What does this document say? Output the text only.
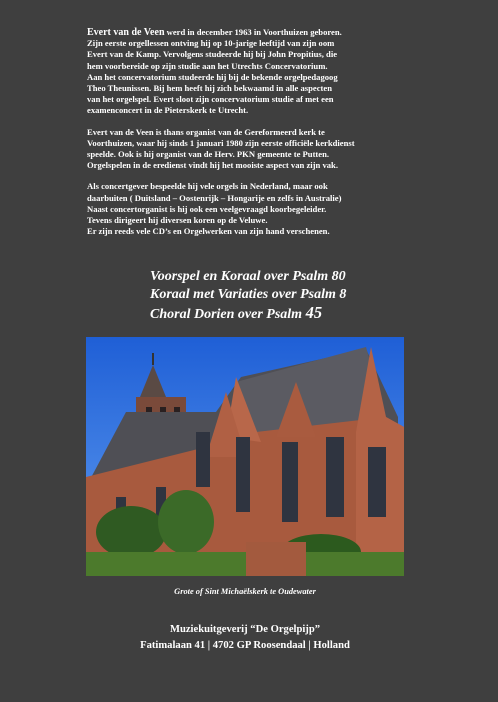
Evert van de Veen werd in december 1963 in Voorthuizen geboren.
Zijn eerste orgellessen ontving hij op 10-jarige leeftijd van zijn oom
Evert van de Kamp. Vervolgens studeerde hij bij John Propitius, die
hem voorbereide op zijn studie aan het Utrechts Concervatorium.
Aan het concervatorium studeerde hij bij de bekende orgelpedagoog
Theo Theunissen. Bij hem heeft hij zich bekwaamd in alle aspecten
van het orgelspel. Evert sloot zijn concervatorium studie af met een
examenconcert in de Pieterskerk te Utrecht.

Evert van de Veen is thans organist van de Gereformeerd kerk te
Voorthuizen, waar hij sinds 1 januari 1980 zijn eerste officiële kerkdienst
speelde. Ook is hij organist van de Herv. PKN gemeente te Putten.
Orgelspelen in de eredienst vindt hij het mooiste aspect van zijn vak.

Als concertgever bespeelde hij vele orgels in Nederland, maar ook
daarbuiten ( Duitsland – Oostenrijk – Hongarije en zelfs in Australie)
Naast concertorganist is hij ook een veelgevraagd koorbegeleider.
Tevens dirigeert hij diversen koren op de Veluwe.
Er zijn reeds vele CD’s en Orgelwerken van zijn hand verschenen.

Voorspel en Koraal over Psalm 80
Koraal met Variaties over Psalm 8
Choral Dorien over Psalm 45
Grote of Sint Michaëlskerk te Oudewater
Muziekuitgeverij “De Orgelpijp”
Fatimalaan 41 | 4702 GP Roosendaal | Holland
